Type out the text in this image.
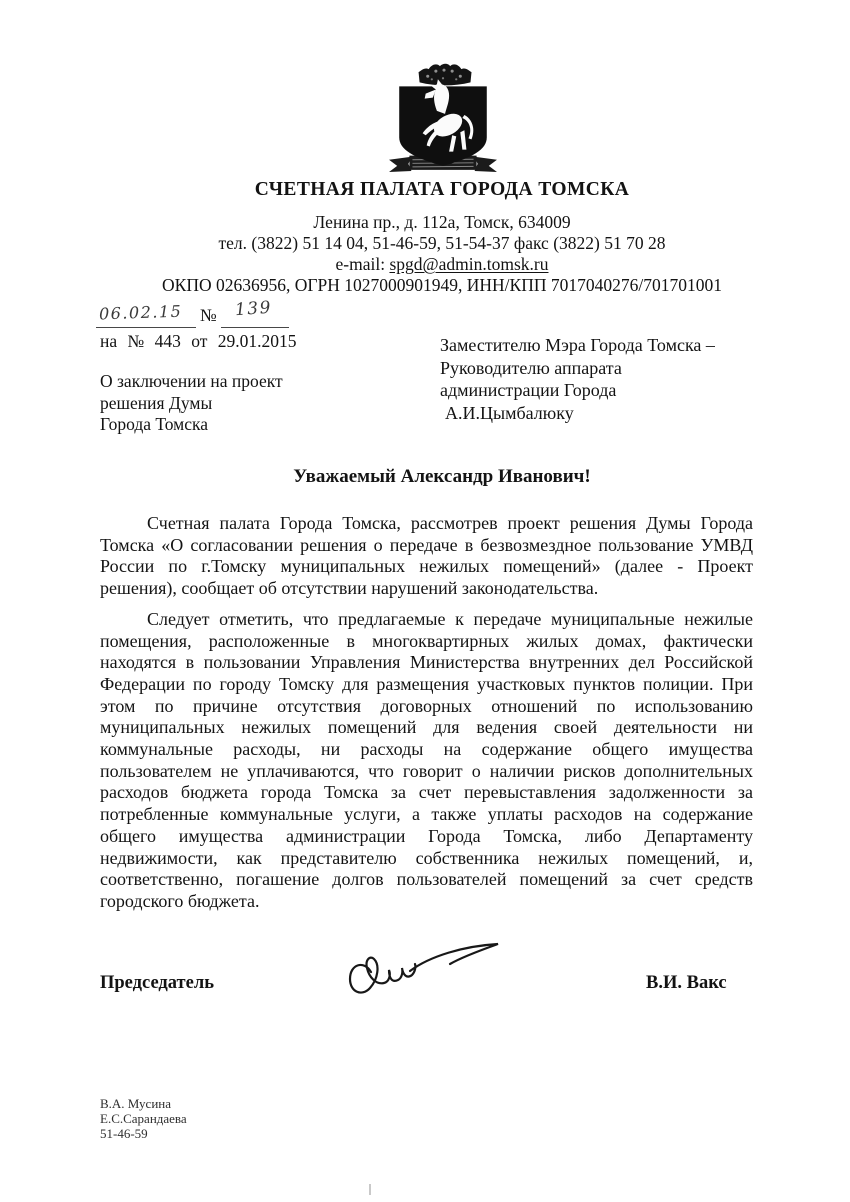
СЧЕТНАЯ ПАЛАТА ГОРОДА ТОМСКА
Ленина пр., д. 112а, Томск, 634009
тел. (3822) 51 14 04, 51-46-59, 51-54-37 факс (3822) 51 70 28
e-mail: spgd@admin.tomsk.ru
ОКПО 02636956, ОГРН 1027000901949, ИНН/КПП 7017040276/701701001
06.02.15 № 139
на № 443 от 29.01.2015
О заключении на проект
решения Думы
Города Томска
Заместителю Мэра Города Томска –
Руководителю аппарата
администрации Города
А.И.Цымбалюку
Уважаемый Александр Иванович!

Счетная палата Города Томска, рассмотрев проект решения Думы Города Томска «О согласовании решения о передаче в безвозмездное пользование УМВД России по г.Томску муниципальных нежилых помещений» (далее - Проект решения), сообщает об отсутствии нарушений законодательства.

Следует отметить, что предлагаемые к передаче муниципальные нежилые помещения, расположенные в многоквартирных жилых домах, фактически находятся в пользовании Управления Министерства внутренних дел Российской Федерации по городу Томску для размещения участковых пунктов полиции. При этом по причине отсутствия договорных отношений по использованию муниципальных нежилых помещений для ведения своей деятельности ни коммунальные расходы, ни расходы на содержание общего имущества пользователем не уплачиваются, что говорит о наличии рисков дополнительных расходов бюджета города Томска за счет перевыставления задолженности за потребленные коммунальные услуги, а также уплаты расходов на содержание общего имущества администрации Города Томска, либо Департаменту недвижимости, как представителю собственника нежилых помещений, и, соответственно, погашение долгов пользователей помещений за счет средств городского бюджета.

Председатель	В.И. Вакс
В.А. Мусина
Е.С.Сарандаева
51-46-59
